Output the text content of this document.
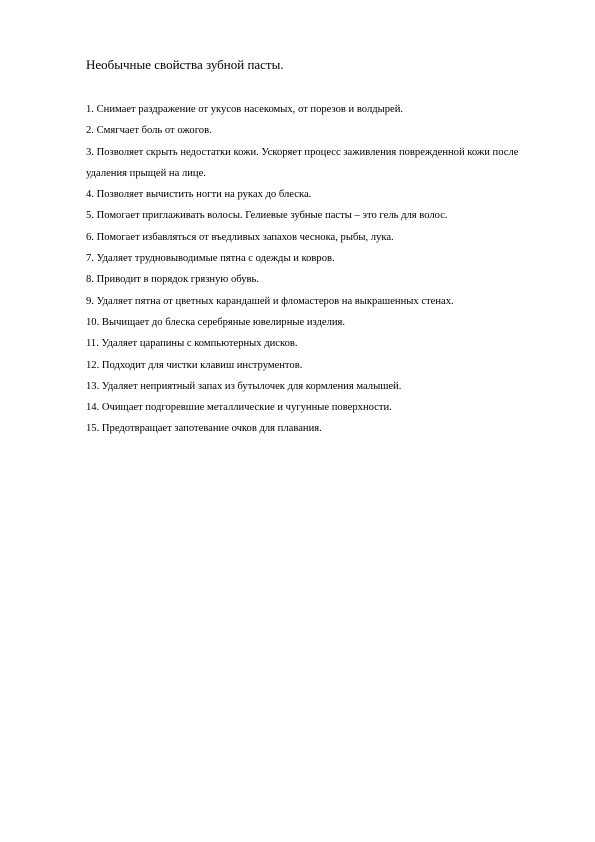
Необычные свойства зубной пасты.
1. Снимает раздражение от укусов насекомых, от порезов и волдырей.
2. Смягчает боль от ожогов.
3. Позволяет скрыть недостатки кожи. Ускоряет процесс заживления поврежденной кожи после удаления прыщей на лице.
4. Позволяет вычистить ногти на руках до блеска.
5. Помогает приглаживать волосы. Гелиевые зубные пасты – это гель для волос.
6. Помогает избавляться от въедливых запахов чеснока, рыбы, лука.
7. Удаляет трудновыводимые пятна с одежды и ковров.
8. Приводит в порядок грязную обувь.
9. Удаляет пятна от цветных карандашей и фломастеров на выкрашенных стенах.
10. Вычищает до блеска серебряные ювелирные изделия.
11. Удаляет царапины с компьютерных дисков.
12. Подходит для чистки клавиш инструментов.
13. Удаляет неприятный запах из бутылочек для кормления малышей.
14. Очищает подгоревшие металлические и чугунные поверхности.
15. Предотвращает запотевание очков для плавания.
